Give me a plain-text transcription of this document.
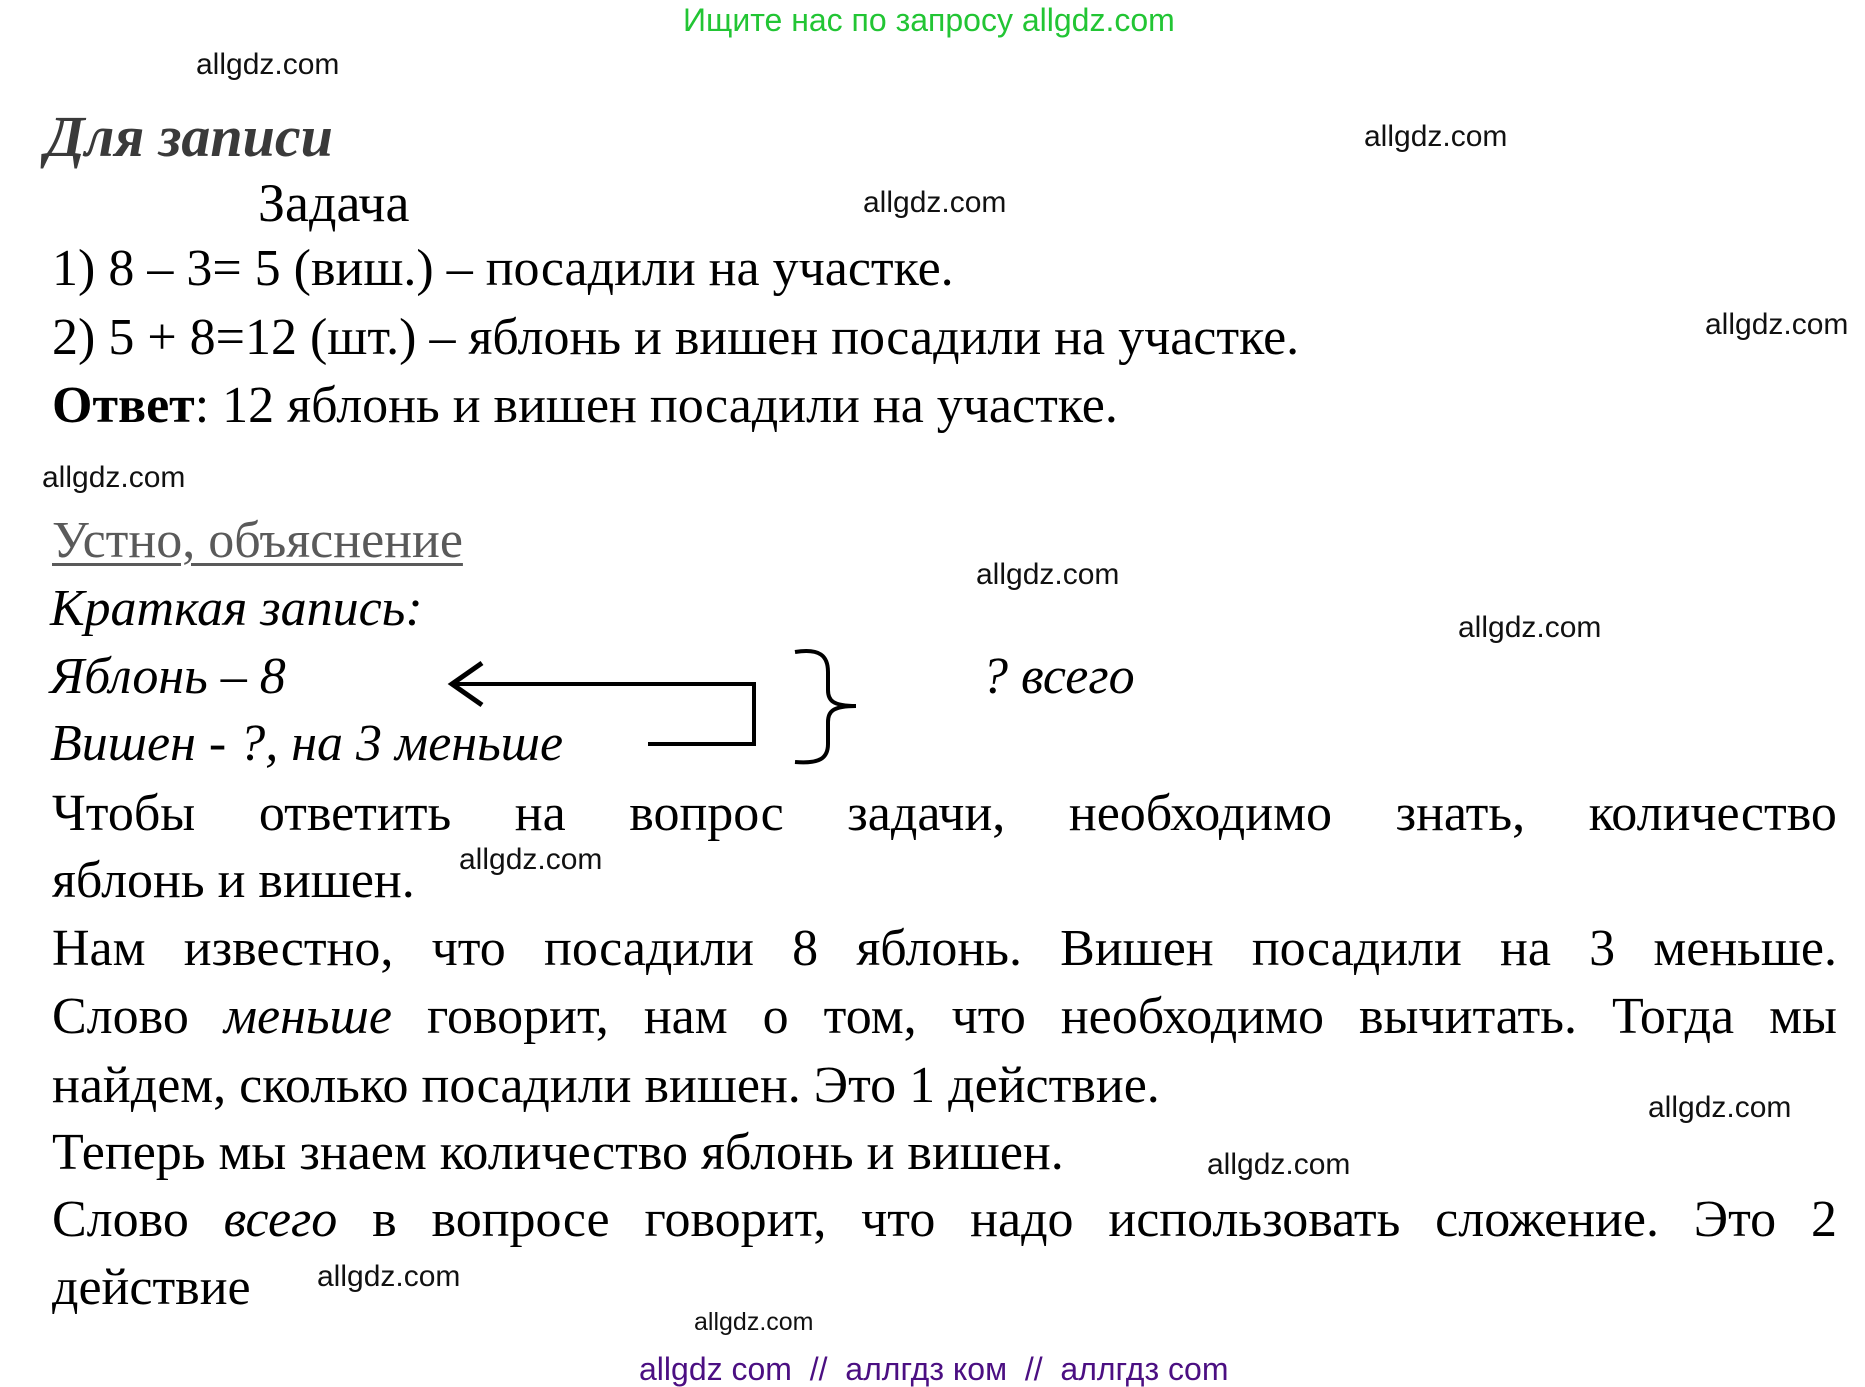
Ищите нас по запросу allgdz.com
allgdz.com
allgdz.com
allgdz.com
allgdz.com
allgdz.com
allgdz.com
allgdz.com
allgdz.com
allgdz.com
allgdz.com
allgdz.com
allgdz.com
Для записи
Задача
1) 8 – 3= 5 (виш.) – посадили на участке.
2) 5 + 8=12 (шт.) – яблонь и вишен посадили на участке.
Ответ: 12 яблонь и вишен посадили на участке.
Устно, объяснение
Краткая запись:
Яблонь – 8
Вишен - ?, на 3 меньше
? всего
Чтобы ответить на вопрос задачи, необходимо знать, количество
яблонь и вишен.
Нам известно, что посадили 8 яблонь. Вишен посадили на 3 меньше.
Слово меньше говорит, нам о том, что необходимо вычитать. Тогда мы
найдем, сколько посадили вишен. Это 1 действие.
Теперь мы знаем количество яблонь и вишен.
Слово всего в вопросе говорит, что надо использовать сложение. Это 2
действие
allgdz com  //  аллгдз ком  //  аллгдз com
